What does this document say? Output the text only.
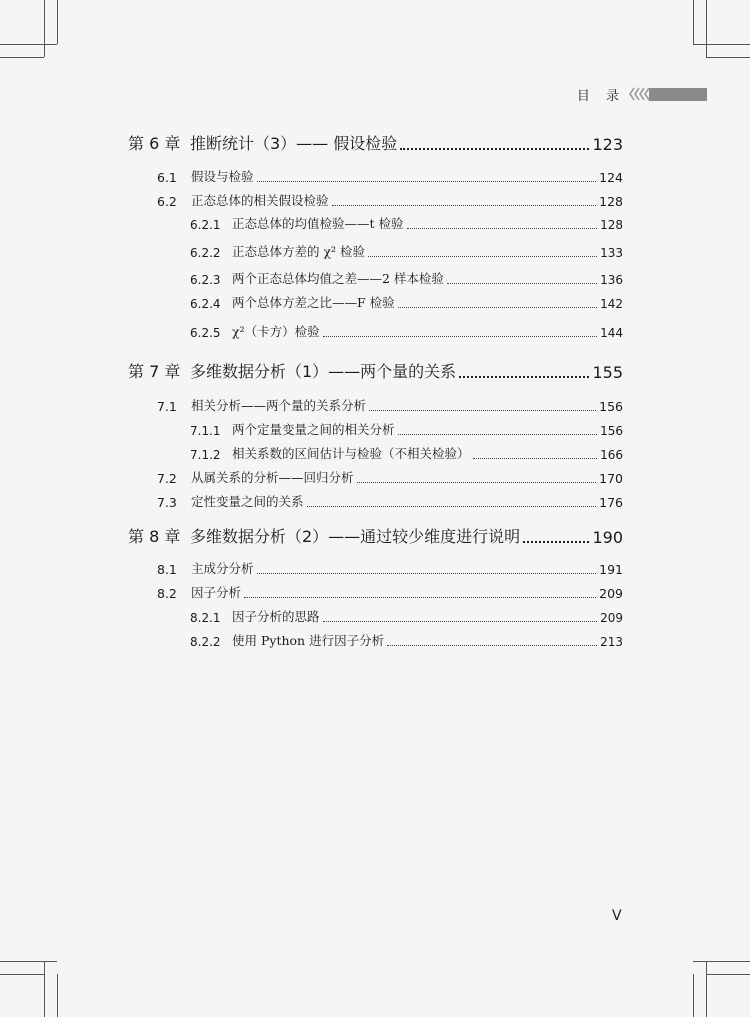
目 录
第 6 章 推断统计（3）—— 假设检验	123
6.1	假设与检验	124
6.2	正态总体的相关假设检验	128
6.2.1 正态总体的均值检验——t 检验	128
6.2.2 正态总体方差的 χ² 检验	133
6.2.3 两个正态总体均值之差——2 样本检验	136
6.2.4 两个总体方差之比——F 检验	142
6.2.5 χ²（卡方）检验	144
第 7 章 多维数据分析（1）——两个量的关系	155
7.1	相关分析——两个量的关系分析	156
7.1.1 两个定量变量之间的相关分析	156
7.1.2 相关系数的区间估计与检验（不相关检验）	166
7.2	从属关系的分析——回归分析	170
7.3	定性变量之间的关系	176
第 8 章 多维数据分析（2）——通过较少维度进行说明	190
8.1	主成分分析	191
8.2	因子分析	209
8.2.1 因子分析的思路	209
8.2.2 使用 Python 进行因子分析	213
V
